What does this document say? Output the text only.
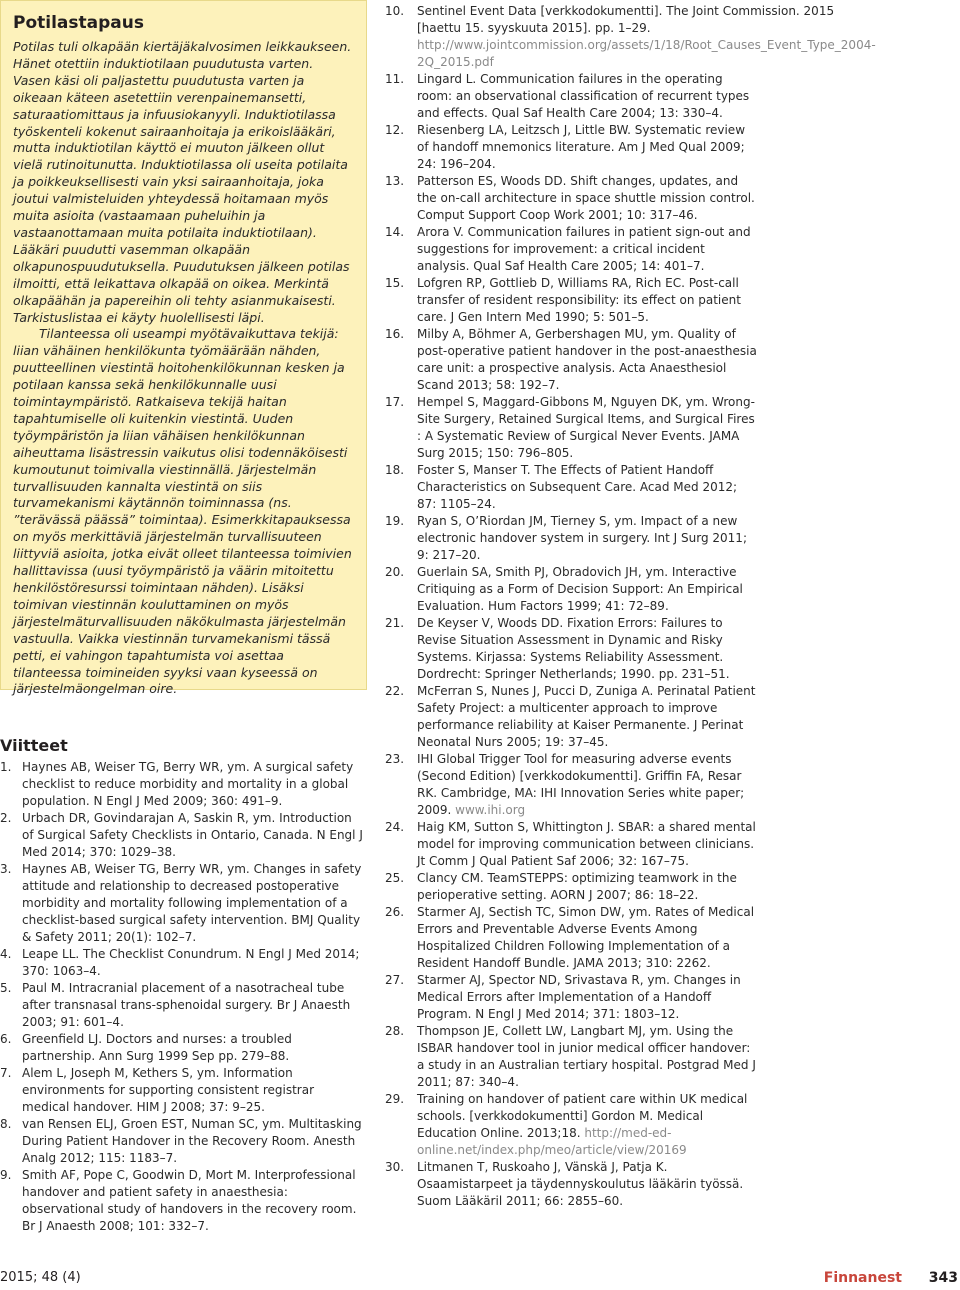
Potilastapaus

Potilas tuli olkapään kiertäjäkalvosimen leikkaukseen. Hänet otettiin induktiotilaan puudutusta varten. Vasen käsi oli paljastettu puudutusta varten ja oikeaan käteen asetettiin verenpainemansetti, saturaatiomittaus ja infuusiokanyyli. Induktiotilassa työskenteli kokenut sairaanhoitaja ja erikoislääkäri, mutta induktiotilan käyttö ei muuton jälkeen ollut vielä rutinoitunutta. Induktiotilassa oli useita potilaita ja poikkeuksellisesti vain yksi sairaanhoitaja, joka joutui valmisteluiden yhteydessä hoitamaan myös muita asioita (vastaamaan puheluihin ja vastaanottamaan muita potilaita induktiotilaan). Lääkäri puudutti vasemman olkapään olkapunospuudutuksella. Puudutuksen jälkeen potilas ilmoitti, että leikattava olkapää on oikea. Merkintä olkapäähän ja papereihin oli tehty asianmukaisesti. Tarkistuslistaa ei käyty huolellisesti läpi.

Tilanteessa oli useampi myötävaikuttava tekijä: liian vähäinen henkilökunta työmäärään nähden, puutteellinen viestintä hoitohenkilökunnan kesken ja potilaan kanssa sekä henkilökunnalle uusi toimintaympäristö. Ratkaiseva tekijä haitan tapahtumiselle oli kuitenkin viestintä. Uuden työympäristön ja liian vähäisen henkilökunnan aiheuttama lisästressin vaikutus olisi todennäköisesti kumoutunut toimivalla viestinnällä. Järjestelmän turvallisuuden kannalta viestintä on siis turvamekanismi käytännön toiminnassa (ns. ”terävässä päässä” toimintaa). Esimerkkitapauksessa on myös merkittäviä järjestelmän turvallisuuteen liittyviä asioita, jotka eivät olleet tilanteessa toimivien hallittavissa (uusi työympäristö ja väärin mitoitettu henkilöstöresurssi toimintaan nähden). Lisäksi toimivan viestinnän kouluttaminen on myös järjestelmäturvallisuuden näkökulmasta järjestelmän vastuulla. Vaikka viestinnän turvamekanismi tässä petti, ei vahingon tapahtumista voi asettaa tilanteessa toimineiden syyksi vaan kyseessä on järjestelmäongelman oire.

Viitteet
1. Haynes AB, Weiser TG, Berry WR, ym. A surgical safety checklist to reduce morbidity and mortality in a global population. N Engl J Med 2009; 360: 491–9.
2. Urbach DR, Govindarajan A, Saskin R, ym. Introduction of Surgical Safety Checklists in Ontario, Canada. N Engl J Med 2014; 370: 1029–38.
3. Haynes AB, Weiser TG, Berry WR, ym. Changes in safety attitude and relationship to decreased postoperative morbidity and mortality following implementation of a checklist-based surgical safety intervention. BMJ Quality & Safety 2011; 20(1): 102–7.
4. Leape LL. The Checklist Conundrum. N Engl J Med 2014; 370: 1063–4.
5. Paul M. Intracranial placement of a nasotracheal tube after transnasal trans-sphenoidal surgery. Br J Anaesth 2003; 91: 601–4.
6. Greenfield LJ. Doctors and nurses: a troubled partnership. Ann Surg 1999 Sep pp. 279–88.
7. Alem L, Joseph M, Kethers S, ym. Information environments for supporting consistent registrar medical handover. HIM J 2008; 37: 9–25.
8. van Rensen ELJ, Groen EST, Numan SC, ym. Multitasking During Patient Handover in the Recovery Room. Anesth Analg 2012; 115: 1183–7.
9. Smith AF, Pope C, Goodwin D, Mort M. Interprofessional handover and patient safety in anaesthesia: observational study of handovers in the recovery room. Br J Anaesth 2008; 101: 332–7.
10.	Sentinel Event Data [verkkodokumentti]. The Joint Commission. 2015 [haettu 15. syyskuuta 2015]. pp. 1–29. http://www.jointcommission.org/assets/1/18/Root_Causes_Event_Type_2004-2Q_2015.pdf
11.	Lingard L. Communication failures in the operating room: an observational classification of recurrent types and effects. Qual Saf Health Care 2004; 13: 330–4.
12.	Riesenberg LA, Leitzsch J, Little BW. Systematic review of handoff mnemonics literature. Am J Med Qual 2009; 24: 196–204.
13.	Patterson ES, Woods DD. Shift changes, updates, and the on-call architecture in space shuttle mission control. Comput Support Coop Work 2001; 10: 317–46.
14.	Arora V. Communication failures in patient sign-out and suggestions for improvement: a critical incident analysis. Qual Saf Health Care 2005; 14: 401–7.
15.	Lofgren RP, Gottlieb D, Williams RA, Rich EC. Post-call transfer of resident responsibility: its effect on patient care. J Gen Intern Med 1990; 5: 501–5.
16.	Milby A, Böhmer A, Gerbershagen MU, ym. Quality of post-operative patient handover in the post-anaesthesia care unit: a prospective analysis. Acta Anaesthesiol Scand 2013; 58: 192–7.
17.	Hempel S, Maggard-Gibbons M, Nguyen DK, ym. Wrong-Site Surgery, Retained Surgical Items, and Surgical Fires : A Systematic Review of Surgical Never Events. JAMA Surg 2015; 150: 796–805.
18.	Foster S, Manser T. The Effects of Patient Handoff Characteristics on Subsequent Care. Acad Med 2012; 87: 1105–24.
19.	Ryan S, O’Riordan JM, Tierney S, ym. Impact of a new electronic handover system in surgery. Int J Surg 2011; 9: 217–20.
20.	Guerlain SA, Smith PJ, Obradovich JH, ym. Interactive Critiquing as a Form of Decision Support: An Empirical Evaluation. Hum Factors 1999; 41: 72–89.
21.	De Keyser V, Woods DD. Fixation Errors: Failures to Revise Situation Assessment in Dynamic and Risky Systems. Kirjassa: Systems Reliability Assessment. Dordrecht: Springer Netherlands; 1990. pp. 231–51.
22.	McFerran S, Nunes J, Pucci D, Zuniga A. Perinatal Patient Safety Project: a multicenter approach to improve performance reliability at Kaiser Permanente. J Perinat Neonatal Nurs 2005; 19: 37–45.
23.	IHI Global Trigger Tool for measuring adverse events (Second Edition) [verkkodokumentti]. Griffin FA, Resar RK. Cambridge, MA: IHI Innovation Series white paper; 2009. www.ihi.org
24.	Haig KM, Sutton S, Whittington J. SBAR: a shared mental model for improving communication between clinicians. Jt Comm J Qual Patient Saf 2006; 32: 167–75.
25.	Clancy CM. TeamSTEPPS: optimizing teamwork in the perioperative setting. AORN J 2007; 86: 18–22.
26.	Starmer AJ, Sectish TC, Simon DW, ym. Rates of Medical Errors and Preventable Adverse Events Among Hospitalized Children Following Implementation of a Resident Handoff Bundle. JAMA 2013; 310: 2262.
27.	Starmer AJ, Spector ND, Srivastava R, ym. Changes in Medical Errors after Implementation of a Handoff Program. N Engl J Med 2014; 371: 1803–12.
28.	Thompson JE, Collett LW, Langbart MJ, ym. Using the ISBAR handover tool in junior medical officer handover: a study in an Australian tertiary hospital. Postgrad Med J 2011; 87: 340–4.
29.	Training on handover of patient care within UK medical schools. [verkkodokumentti] Gordon M. Medical Education Online. 2013;18. http://med-ed-online.net/index.php/meo/article/view/20169
30.	Litmanen T, Ruskoaho J, Vänskä J, Patja K. Osaamistarpeet ja täydennyskoulutus lääkärin työssä. Suom Lääkäril 2011; 66: 2855–60.
2015; 48 (4)	Finnanest 343
